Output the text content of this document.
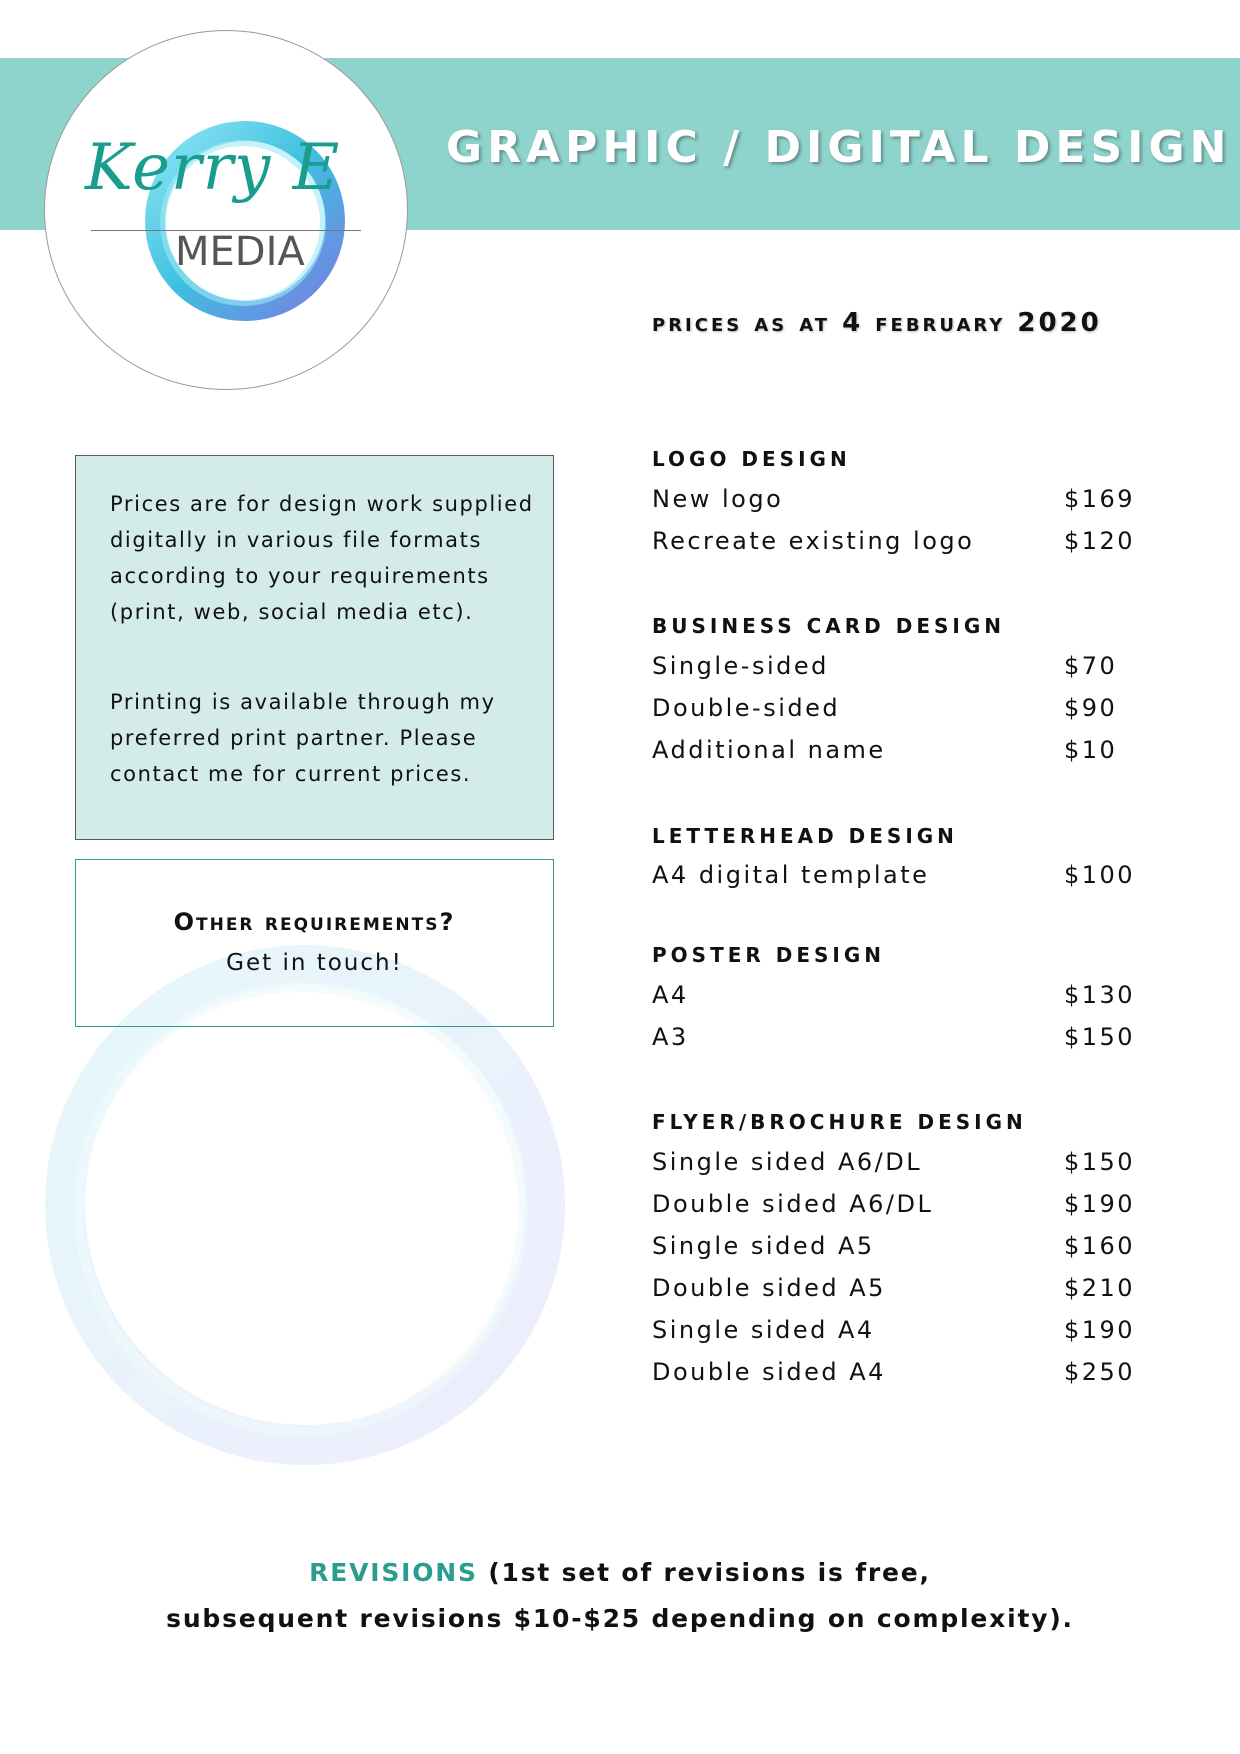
GRAPHIC / DIGITAL DESIGN
Kerry E
MEDIA
prices as at 4 february 2020

Prices are for design work supplied digitally in various file formats according to your requirements (print, web, social media etc).

Printing is available through my preferred print partner. Please contact me for current prices.

Other requirements?
Get in touch!
LOGO DESIGN
New logo	$169
Recreate existing logo	$120
BUSINESS CARD DESIGN
Single-sided	$70
Double-sided	$90
Additional name	$10
LETTERHEAD DESIGN
A4 digital template	$100
POSTER DESIGN
A4	$130
A3	$150
FLYER/BROCHURE DESIGN
Single sided A6/DL	$150
Double sided A6/DL	$190
Single sided A5	$160
Double sided A5	$210
Single sided A4	$190
Double sided A4	$250
REVISIONS (1st set of revisions is free,
subsequent revisions $10-$25 depending on complexity).
